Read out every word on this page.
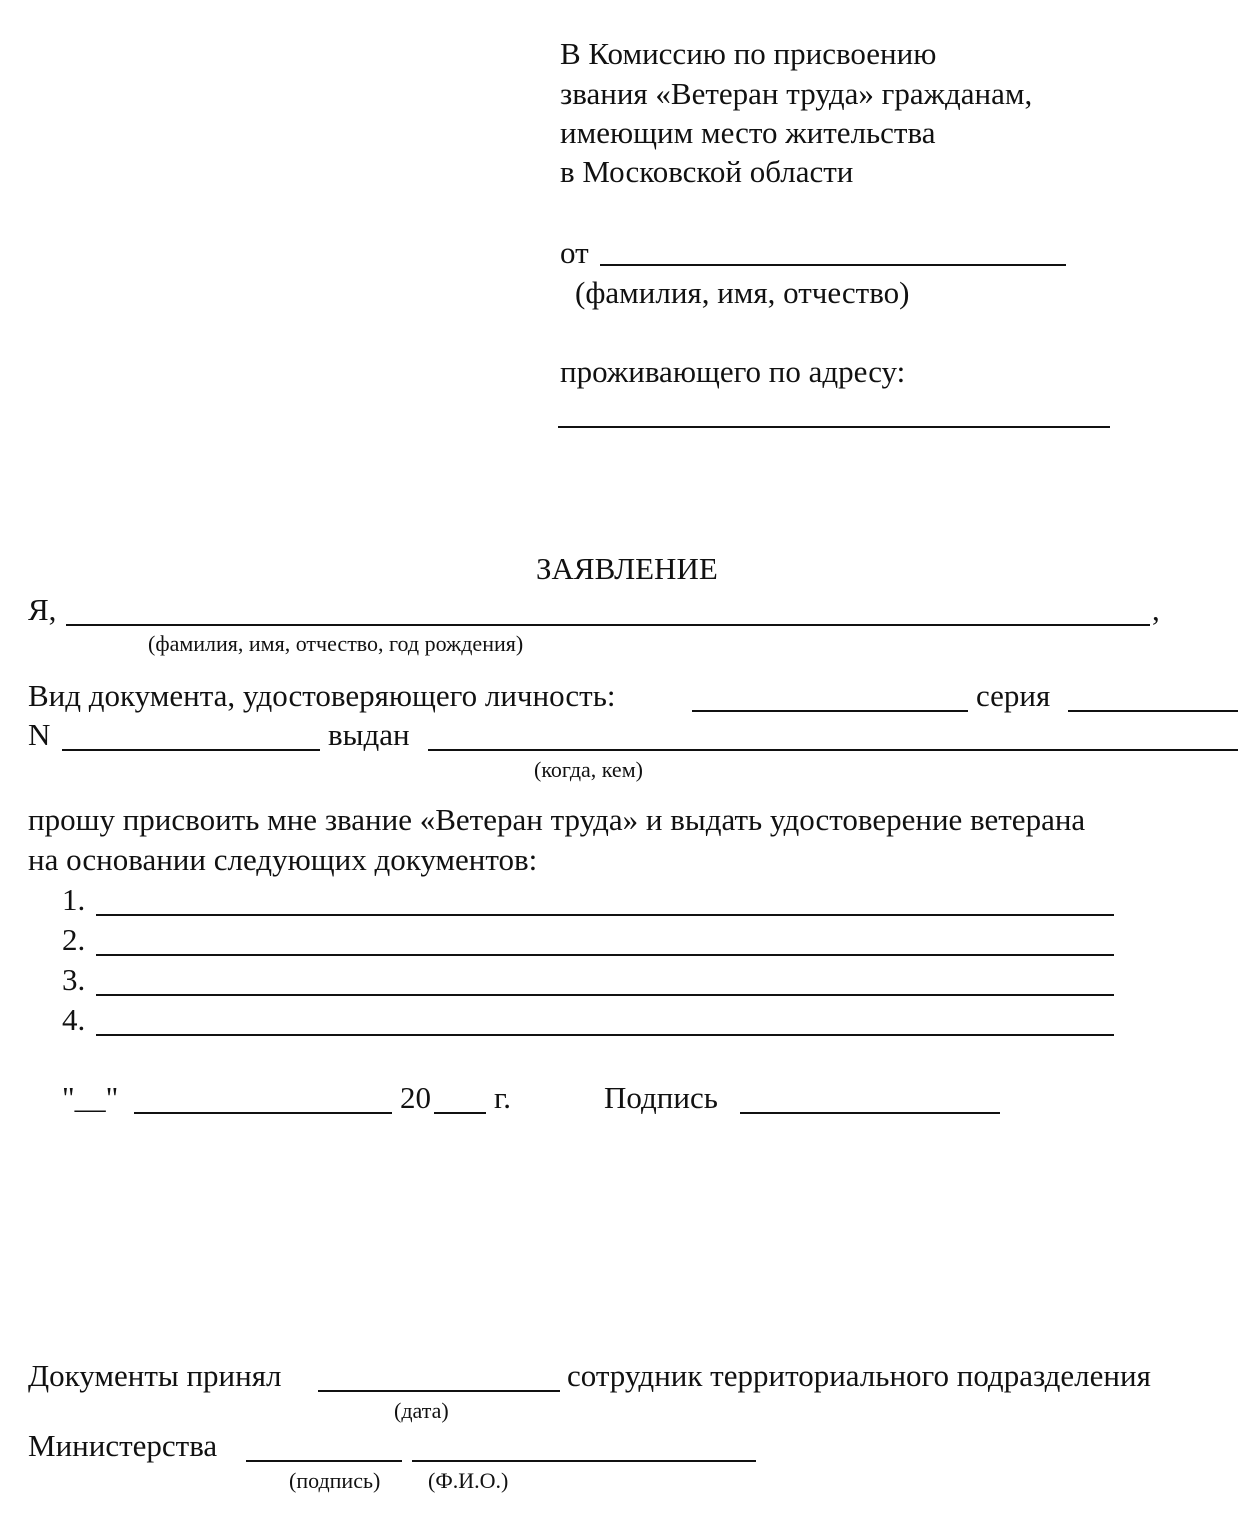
В Комиссию по присвоению
звания «Ветеран труда» гражданам,
имеющим место жительства
в Московской области
от
(фамилия, имя, отчество)
проживающего по адресу:
ЗАЯВЛЕНИЕ
Я,	,
(фамилия, имя, отчество, год рождения)
Вид документа, удостоверяющего личность:	серия
N	выдан
(когда, кем)
прошу присвоить мне звание «Ветеран труда» и выдать удостоверение ветерана
на основании следующих документов:
1.
2.
3.
4.
"__"	20 г.	Подпись
Документы принял	сотрудник территориального подразделения
(дата)
Министерства
(подпись) (Ф.И.О.)
